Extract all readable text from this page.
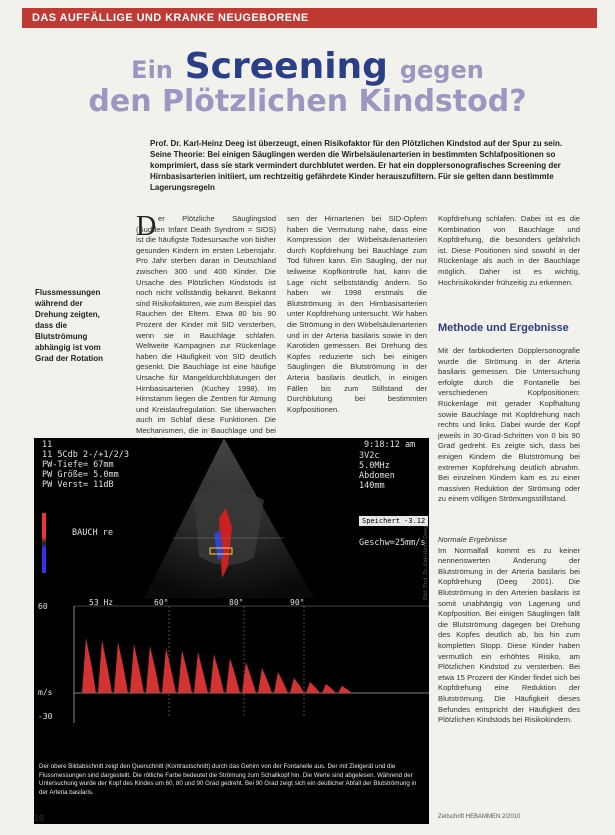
DAS AUFFÄLLIGE UND KRANKE NEUGEBORENE
Ein Screening gegen
den Plötzlichen Kindstod?

Prof. Dr. Karl-Heinz Deeg ist überzeugt, einen Risikofaktor für den Plötzlichen Kindstod auf der Spur zu sein. Seine Theorie: Bei einigen Säuglingen werden die Wirbelsäulenarterien in bestimmten Schlafpositionen so komprimiert, dass sie stark vermindert durchblutet werden. Er hat ein dopplersonografisches Screening der Hirnbasisarterien initiiert, um rechtzeitig gefährdete Kinder herauszufiltern. Für sie gelten dann bestimmte Lagerungsregeln

Flussmessungen während der Drehung zeigten, dass die Blutströmung abhängig ist vom Grad der Rotation

D er Plötzliche Säuglingstod (Sudden Infant Death Syndrom = SIDS) ist die häufigste Todesursache von bisher gesunden Kindern im ersten Lebensjahr. Pro Jahr sterben daran in Deutschland zwischen 300 und 400 Kinder. Die Ursache des Plötzlichen Kindstods ist noch nicht vollständig bekannt. Bekannt sind Risikofaktoren, wie zum Beispiel das Rauchen der Eltern. Etwa 80 bis 90 Prozent der Kinder mit SID versterben, wenn sie in Bauchlage schlafen. Weltweite Kampagnen zur Rückenlage haben die Häufigkeit von SID deutlich gesenkt. Die Bauchlage ist eine häufige Ursache für Mangeldurchblutungen der Hirnbasisarterien (Kuchey 1998). Im Hirnstamm liegen die Zentren für Atmung und Kreislaufregulation. Sie überwachen auch im Schlaf diese Funktionen. Die Mechanismen, die in Bauchlage und bei

sen der Hirnarterien bei SID-Opfern haben die Vermutung nahe, dass eine Kompression der Wirbelsäulenarterien durch Kopfdrehung bei Bauchlage zum Tod führen kann. Ein Säugling, der nur teilweise Kopfkontrolle hat, kann die Lage nicht selbstständig ändern. So haben wir 1998 erstmals die Blutströmung in den Hirnbasisarterien unter Kopfdrehung untersucht. Wir haben die Strömung in den Wirbelsäulenarterien und in der Arteria basilaris sowie in den Karotiden gemessen. Bei Drehung des Kopfes reduzierte sich bei einigen Säuglingen die Blutströmung in der Arteria basilaris deutlich, in einigen Fällen bis zum Stillstand der Durchblutung bei bestimmten Kopfpositionen.

Kopfdrehung schlafen. Dabei ist es die Kombination von Bauchlage und Kopfdrehung, die besonders gefährlich ist. Diese Positionen sind sowohl in der Rückenlage als auch in der Bauchlage möglich. Daher ist es wichtig, Hochrisikokinder frühzeitig zu erkennen.

Methode und Ergebnisse

Mit der farbkodierten Dopplersonografie wurde die Strömung in der Arteria basilaris gemessen. Die Untersuchung erfolgte durch die Fontanelle bei verschiedenen Kopfpositionen: Rückenlage mit gerader Kopfhaltung sowie Bauchlage mit Kopfdrehung nach rechts und links. Dabei wurde der Kopf jeweils in 30-Grad-Schritten von 0 bis 90 Grad gedreht. Es zeigte sich, dass bei einigen Kindern die Blutströmung bei extremer Kopfdrehung deutlich abnahm. Bei einzelnen Kindern kam es zu einer massiven Reduktion der Strömung oder zu einem völligen Strömungsstillstand.

Normale Ergebnisse
Im Normalfall kommt es zu keiner nennenswerten Änderung der Blutströmung in der Arteria basilaris bei Kopfdrehung (Deeg 2001). Die Blutströmung in den Arterien basilaris ist somit unabhängig von Lagerung und Kopfposition. Bei einigen Säuglingen fällt die Blutströmung dagegen bei Drehung des Kopfes deutlich ab, bis hin zum kompletten Stopp. Diese Kinder haben vermutlich ein erhöhtes Risiko, am Plötzlichen Kindstod zu versterben. Bei etwa 15 Prozent der Kinder findet sich bei Kopfdrehung eine Reduktion der Blutströmung. Die Häufigkeit dieses Befundes entspricht der Häufigkeit des Plötzlichen Kindstods bei Risikokindern.
11	9:18:12 am
11 5Cdb 2-/+1/2/3
PW-Tiefe= 67mm
PW Größe= 5.0mm
PW Verst= 11dB
3V2c
5.0MHz
Abdomen
140mm
BAUCH re
Speichert -3.12
Geschw=25mm/s
53 Hz	60°	80°	90°
60
m/s
-30

Der obere Bildabschnitt zeigt den Querschnitt (Kontrastschnitt) durch das Gehirn von der Fontanelle aus. Der mit Zielgerät und die Flussmessungen sind dargestellt. Die rötliche Farbe bedeutet die Strömung zum Schallkopf hin. Die Werte sind abgelesen. Während der Untersuchung wurde der Kopf des Kindes um 60, 80 und 90 Grad gedreht. Bei 90 Grad zeigt sich ein deutlicher Abfall der Blutströmung in der Arteria basilaris.

Bild: Prof. Dr. Karl-Heinz Deeg
10	Zeitschrift HEBAMMEN 2/2010
